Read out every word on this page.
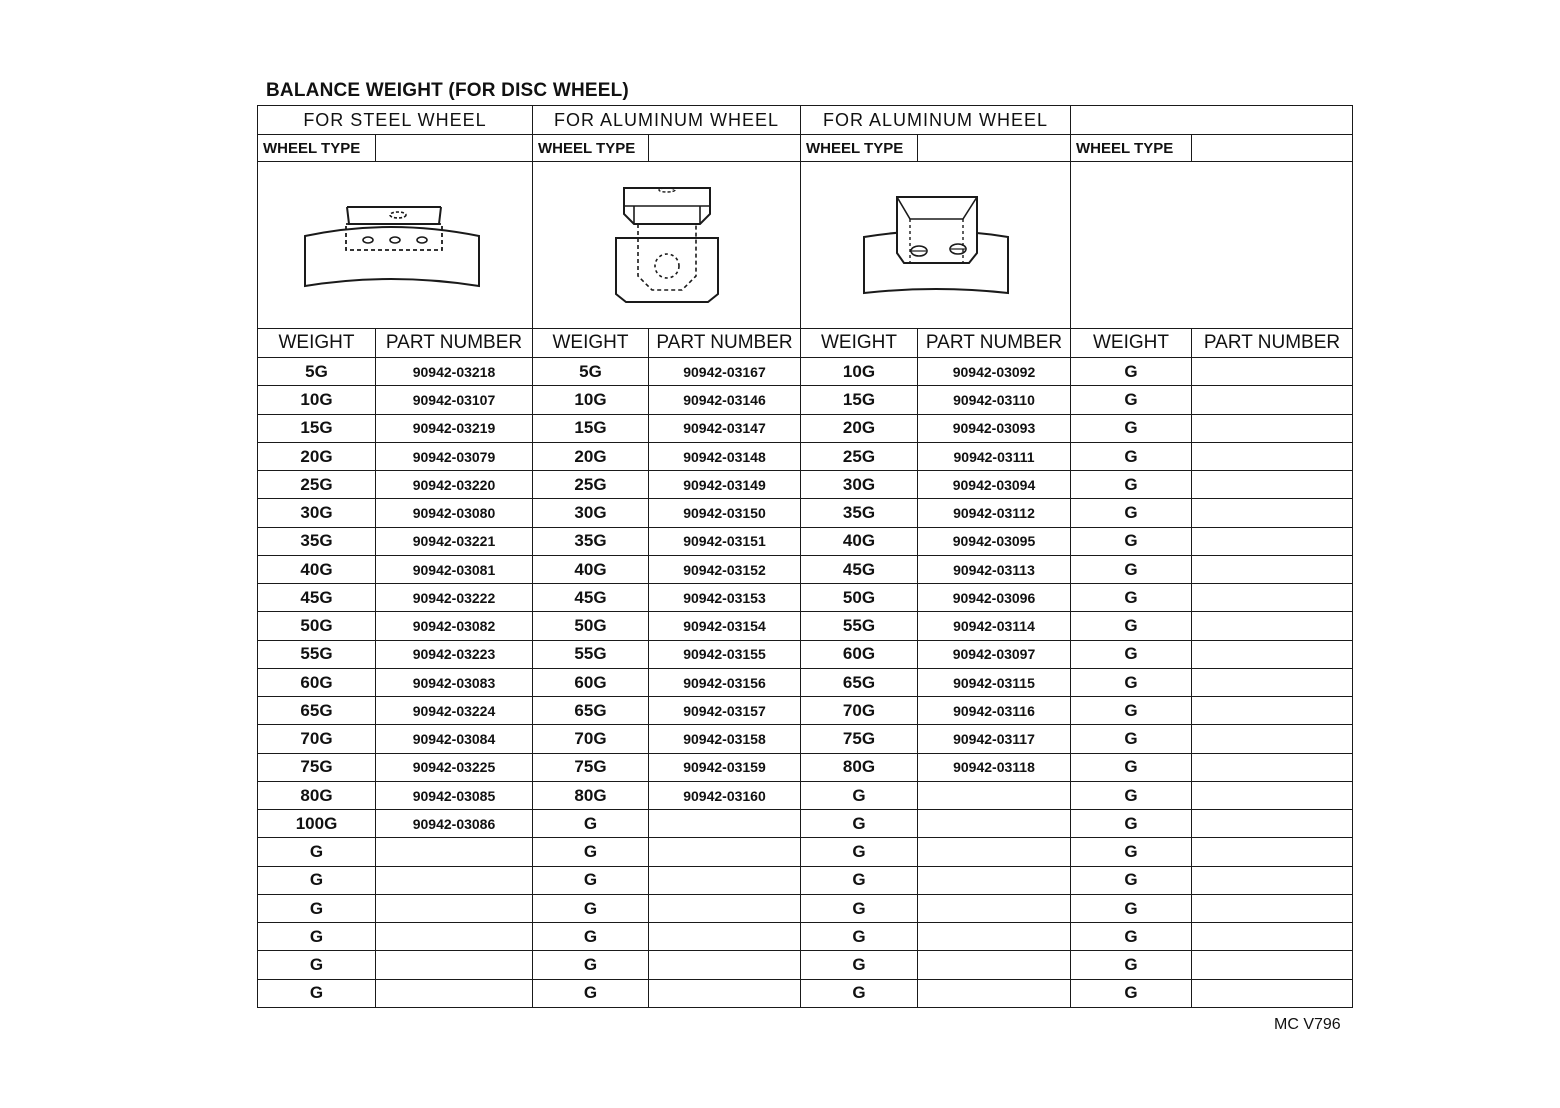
BALANCE WEIGHT (FOR DISC WHEEL)
FOR STEEL WHEEL		FOR ALUMINUM WHEEL		FOR ALUMINUM WHEEL			
WHEEL TYPE		WHEEL TYPE		WHEEL TYPE		WHEEL TYPE	

WEIGHT	PART NUMBER	WEIGHT	PART NUMBER	WEIGHT	PART NUMBER	WEIGHT	PART NUMBER
5G	90942-03218	5G	90942-03167	10G	90942-03092	G	
10G	90942-03107	10G	90942-03146	15G	90942-03110	G	
15G	90942-03219	15G	90942-03147	20G	90942-03093	G	
20G	90942-03079	20G	90942-03148	25G	90942-03111	G	
25G	90942-03220	25G	90942-03149	30G	90942-03094	G	
30G	90942-03080	30G	90942-03150	35G	90942-03112	G	
35G	90942-03221	35G	90942-03151	40G	90942-03095	G	
40G	90942-03081	40G	90942-03152	45G	90942-03113	G	
45G	90942-03222	45G	90942-03153	50G	90942-03096	G	
50G	90942-03082	50G	90942-03154	55G	90942-03114	G	
55G	90942-03223	55G	90942-03155	60G	90942-03097	G	
60G	90942-03083	60G	90942-03156	65G	90942-03115	G	
65G	90942-03224	65G	90942-03157	70G	90942-03116	G	
70G	90942-03084	70G	90942-03158	75G	90942-03117	G	
75G	90942-03225	75G	90942-03159	80G	90942-03118	G	
80G	90942-03085	80G	90942-03160	G		G	
100G	90942-03086	G		G		G	
G		G		G		G	
G		G		G		G	
G		G		G		G	
G		G		G		G	
G		G		G		G	
G		G		G		G	
MC V796
